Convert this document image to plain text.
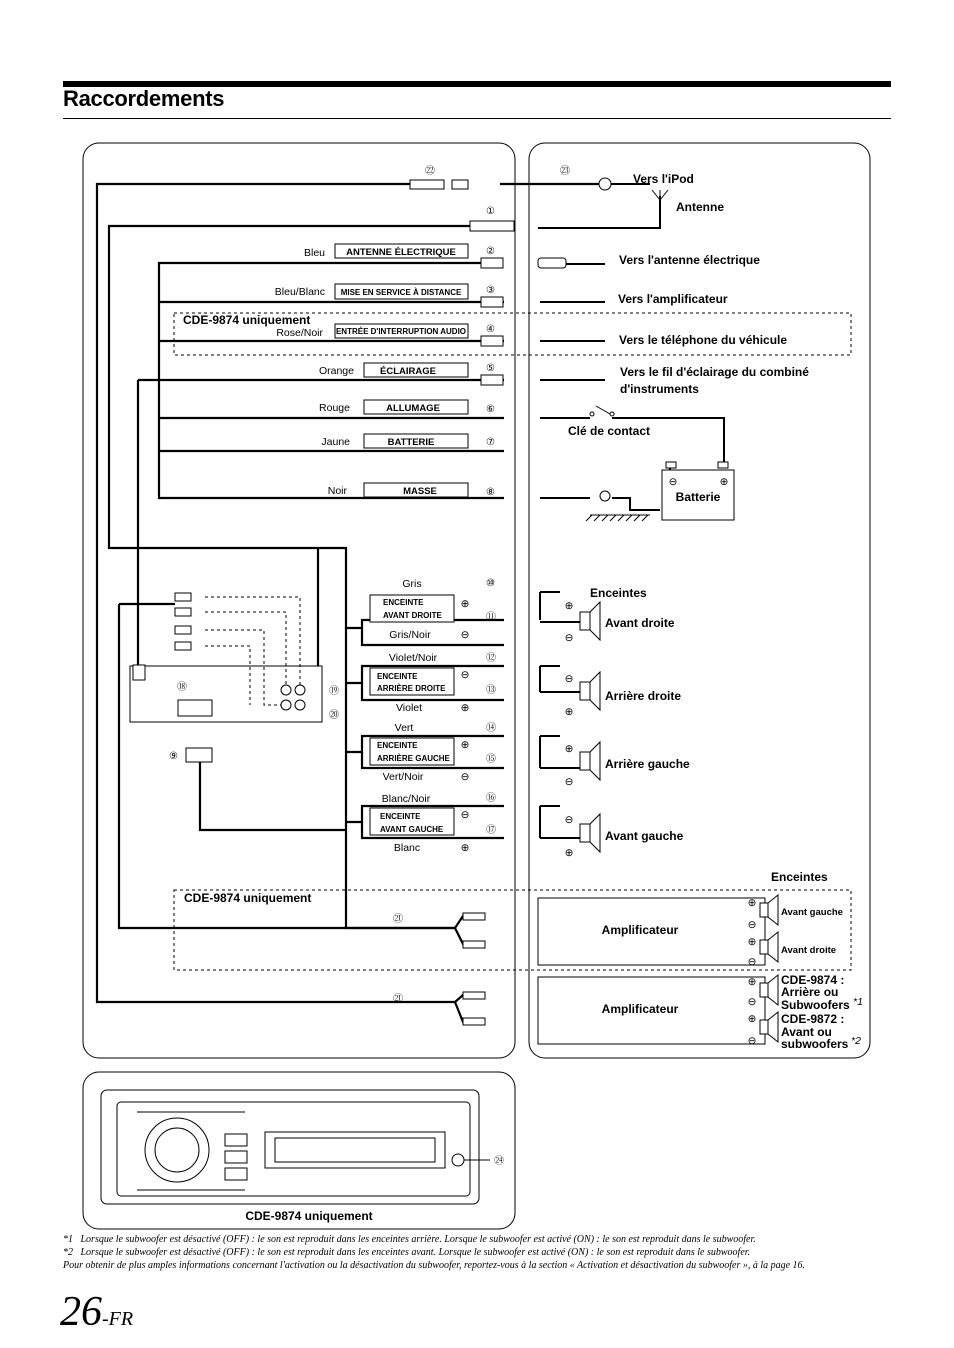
Raccordements
㉒
①
Bleu ANTENNE ÉLECTRIQUE	②
Bleu/Blanc MISE EN SERVICE À DISTANCE ③
CDE-9874 uniquement
Rose/Noir ENTRÉE D'INTERRUPTION AUDIO ④
Orange	ÉCLAIRAGE	⑤
Rouge	ALLUMAGE	⑥
Jaune	BATTERIE	⑦
Noir	MASSE	⑧
Gris
ENCEINTE
AVANT DROITE
⑩
⑪
Gris/Noir
Violet/Noir
ENCEINTE
ARRIÈRE DROITE
⑫
⑬
Violet
Vert
ENCEINTE
ARRIÈRE GAUCHE
⑭
⑮
Vert/Noir
Blanc/Noir
ENCEINTE
AVANT GAUCHE
⑯
⑰
Blanc
⑱	⑲
⑳
⑨
CDE-9874 uniquement
㉑
㉑
㉔
⊕
⊖
⊖
⊕
⊕
⊖
⊖
⊕
⊕
⊖
⊖
⊕
⊕
⊖
⊖
⊕
⊖	⊕
⊕
⊖
⊕
⊖
⊕
⊖
⊕
⊖
㉓
Vers l'iPod
Antenne
Vers l'antenne électrique
Vers l'amplificateur
Vers le téléphone du véhicule
Vers le fil d'éclairage du combiné
d'instruments
Clé de contact
Batterie
Enceintes
Avant droite
Arrière droite
Arrière gauche
Avant gauche
Enceintes
Amplificateur
Amplificateur
Avant gauche
Avant droite
CDE-9874 :
Arrière ou
Subwoofers *1
CDE-9872 :
Avant ou
subwoofers *2
CDE-9874 uniquement
*1 Lorsque le subwoofer est désactivé (OFF) : le son est reproduit dans les enceintes arrière. Lorsque le subwoofer est activé (ON) : le son est reproduit dans le subwoofer.
*2 Lorsque le subwoofer est désactivé (OFF) : le son est reproduit dans les enceintes avant. Lorsque le subwoofer est activé (ON) : le son est reproduit dans le subwoofer.
Pour obtenir de plus amples informations concernant l'activation ou la désactivation du subwoofer, reportez-vous à la section « Activation et désactivation du subwoofer », à la page 16.
26-FR
